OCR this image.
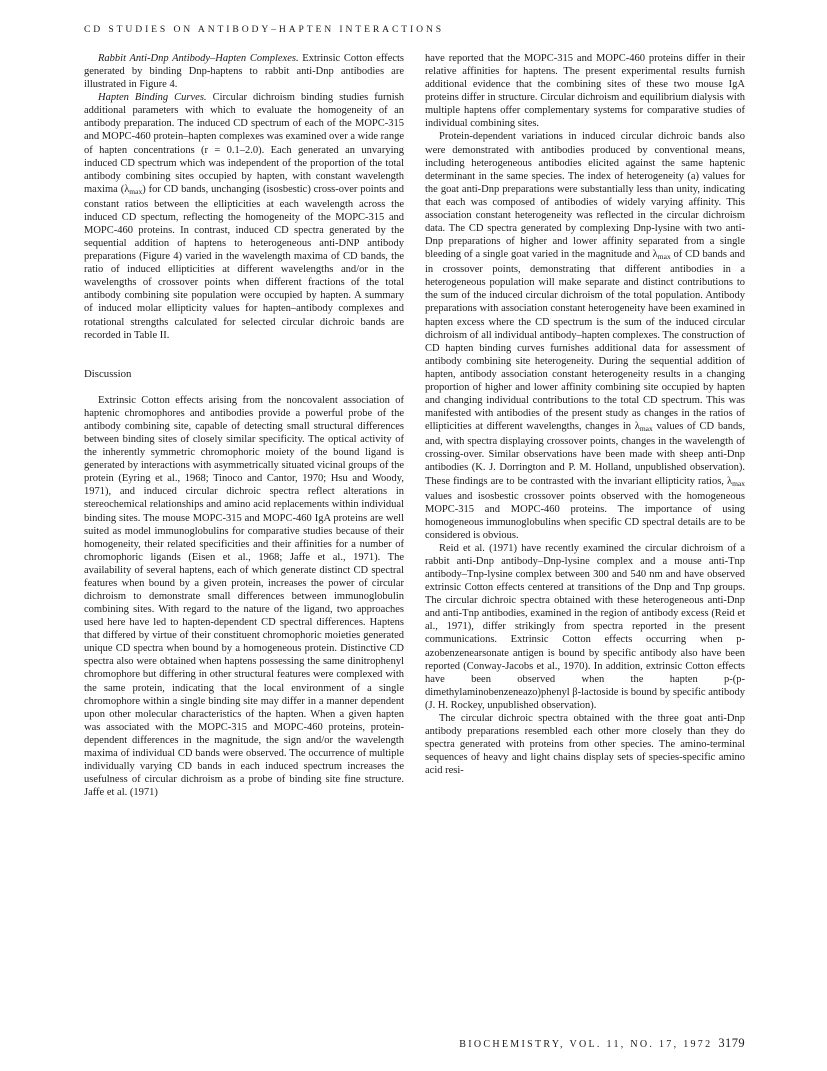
CD STUDIES ON ANTIBODY–HAPTEN INTERACTIONS

Rabbit Anti-Dnp Antibody–Hapten Complexes. Extrinsic Cotton effects generated by binding Dnp-haptens to rabbit anti-Dnp antibodies are illustrated in Figure 4.

Hapten Binding Curves. Circular dichroism binding studies furnish additional parameters with which to evaluate the homogeneity of an antibody preparation. The induced CD spectrum of each of the MOPC-315 and MOPC-460 protein–hapten complexes was examined over a wide range of hapten concentrations (r = 0.1–2.0). Each generated an unvarying induced CD spectrum which was independent of the proportion of the total antibody combining sites occupied by hapten, with constant wavelength maxima $(\lambda_{max})$ for CD bands, unchanging (isosbestic) cross-over points and constant ratios between the ellipticities at each wavelength across the induced CD spectum, reflecting the homogeneity of the MOPC-315 and MOPC-460 proteins. In contrast, induced CD spectra generated by the sequential addition of haptens to heterogeneous anti-DNP antibody preparations (Figure 4) varied in the wavelength maxima of CD bands, the ratio of induced ellipticities at different wavelengths and/or in the wavelengths of crossover points when different fractions of the total antibody combining site population were occupied by hapten. A summary of induced molar ellipticity values for hapten–antibody complexes and rotational strengths calculated for selected circular dichroic bands are recorded in Table II.

Discussion

Extrinsic Cotton effects arising from the noncovalent association of haptenic chromophores and antibodies provide a powerful probe of the antibody combining site, capable of detecting small structural differences between binding sites of closely similar specificity. The optical activity of the inherently symmetric chromophoric moiety of the bound ligand is generated by interactions with asymmetrically situated vicinal groups of the protein (Eyring et al., 1968; Tinoco and Cantor, 1970; Hsu and Woody, 1971), and induced circular dichroic spectra reflect alterations in stereochemical relationships and amino acid replacements within individual binding sites. The mouse MOPC-315 and MOPC-460 IgA proteins are well suited as model immunoglobulins for comparative studies because of their homogeneity, their related specificities and their affinities for a number of chromophoric ligands (Eisen et al., 1968; Jaffe et al., 1971). The availability of several haptens, each of which generate distinct CD spectral features when bound by a given protein, increases the power of circular dichroism to demonstrate small differences between immunoglobulin combining sites. With regard to the nature of the ligand, two approaches used here have led to hapten-dependent CD spectral differences. Haptens that differed by virtue of their constituent chromophoric moieties generated unique CD spectra when bound by a homogeneous protein. Distinctive CD spectra also were obtained when haptens possessing the same dinitrophenyl chromophore but differing in other structural features were complexed with the same protein, indicating that the local environment of a single chromophore within a single binding site may differ in a manner dependent upon other molecular characteristics of the hapten. When a given hapten was associated with the MOPC-315 and MOPC-460 proteins, protein-dependent differences in the magnitude, the sign and/or the wavelength maxima of individual CD bands were observed. The occurrence of multiple individually varying CD bands in each induced spectrum increases the usefulness of circular dichroism as a probe of binding site fine structure. Jaffe et al. (1971)

have reported that the MOPC-315 and MOPC-460 proteins differ in their relative affinities for haptens. The present experimental results furnish additional evidence that the combining sites of these two mouse IgA proteins differ in structure. Circular dichroism and equilibrium dialysis with multiple haptens offer complementary systems for comparative studies of individual combining sites.

Protein-dependent variations in induced circular dichroic bands also were demonstrated with antibodies produced by conventional means, including heterogeneous antibodies elicited against the same haptenic determinant in the same species. The index of heterogeneity (a) values for the goat anti-Dnp preparations were substantially less than unity, indicating that each was composed of antibodies of widely varying affinity. This association constant heterogeneity was reflected in the circular dichroism data. The CD spectra generated by complexing Dnp-lysine with two anti-Dnp preparations of higher and lower affinity separated from a single bleeding of a single goat varied in the magnitude and $\lambda_{max}$ of CD bands and in crossover points, demonstrating that different antibodies in a heterogeneous population will make separate and distinct contributions to the sum of the induced circular dichroism of the total population. Antibody preparations with association constant heterogeneity have been examined in hapten excess where the CD spectrum is the sum of the induced circular dichroism of all individual antibody–hapten complexes. The construction of CD hapten binding curves furnishes additional data for assessment of antibody combining site heterogeneity. During the sequential addition of hapten, antibody association constant heterogeneity results in a changing proportion of higher and lower affinity combining site occupied by hapten and changing individual contributions to the total CD spectrum. This was manifested with antibodies of the present study as changes in the ratios of ellipticities at different wavelengths, changes in $\lambda_{max}$ values of CD bands, and, with spectra displaying crossover points, changes in the wavelength of crossing-over. Similar observations have been made with sheep anti-Dnp antibodies (K. J. Dorrington and P. M. Holland, unpublished observation). These findings are to be contrasted with the invariant ellipticity ratios, $\lambda_{max}$ values and isosbestic crossover points observed with the homogeneous MOPC-315 and MOPC-460 proteins. The importance of using homogeneous immunoglobulins when specific CD spectral details are to be considered is obvious.

Reid et al. (1971) have recently examined the circular dichroism of a rabbit anti-Dnp antibody–Dnp-lysine complex and a mouse anti-Tnp antibody–Tnp-lysine complex between 300 and 540 nm and have observed extrinsic Cotton effects centered at transitions of the Dnp and Tnp groups. The circular dichroic spectra obtained with these heterogeneous anti-Dnp and anti-Tnp antibodies, examined in the region of antibody excess (Reid et al., 1971), differ strikingly from spectra reported in the present communications. Extrinsic Cotton effects occurring when p-azobenzenearsonate antigen is bound by specific antibody also have been reported (Conway-Jacobs et al., 1970). In addition, extrinsic Cotton effects have been observed when the hapten p-(p-dimethylaminobenzeneazo)phenyl β-lactoside is bound by specific antibody (J. H. Rockey, unpublished observation).

The circular dichroic spectra obtained with the three goat anti-Dnp antibody preparations resembled each other more closely than they do spectra generated with proteins from other species. The amino-terminal sequences of heavy and light chains display sets of species-specific amino acid resi-

BIOCHEMISTRY, VOL. 11, NO. 17, 1972 3179
